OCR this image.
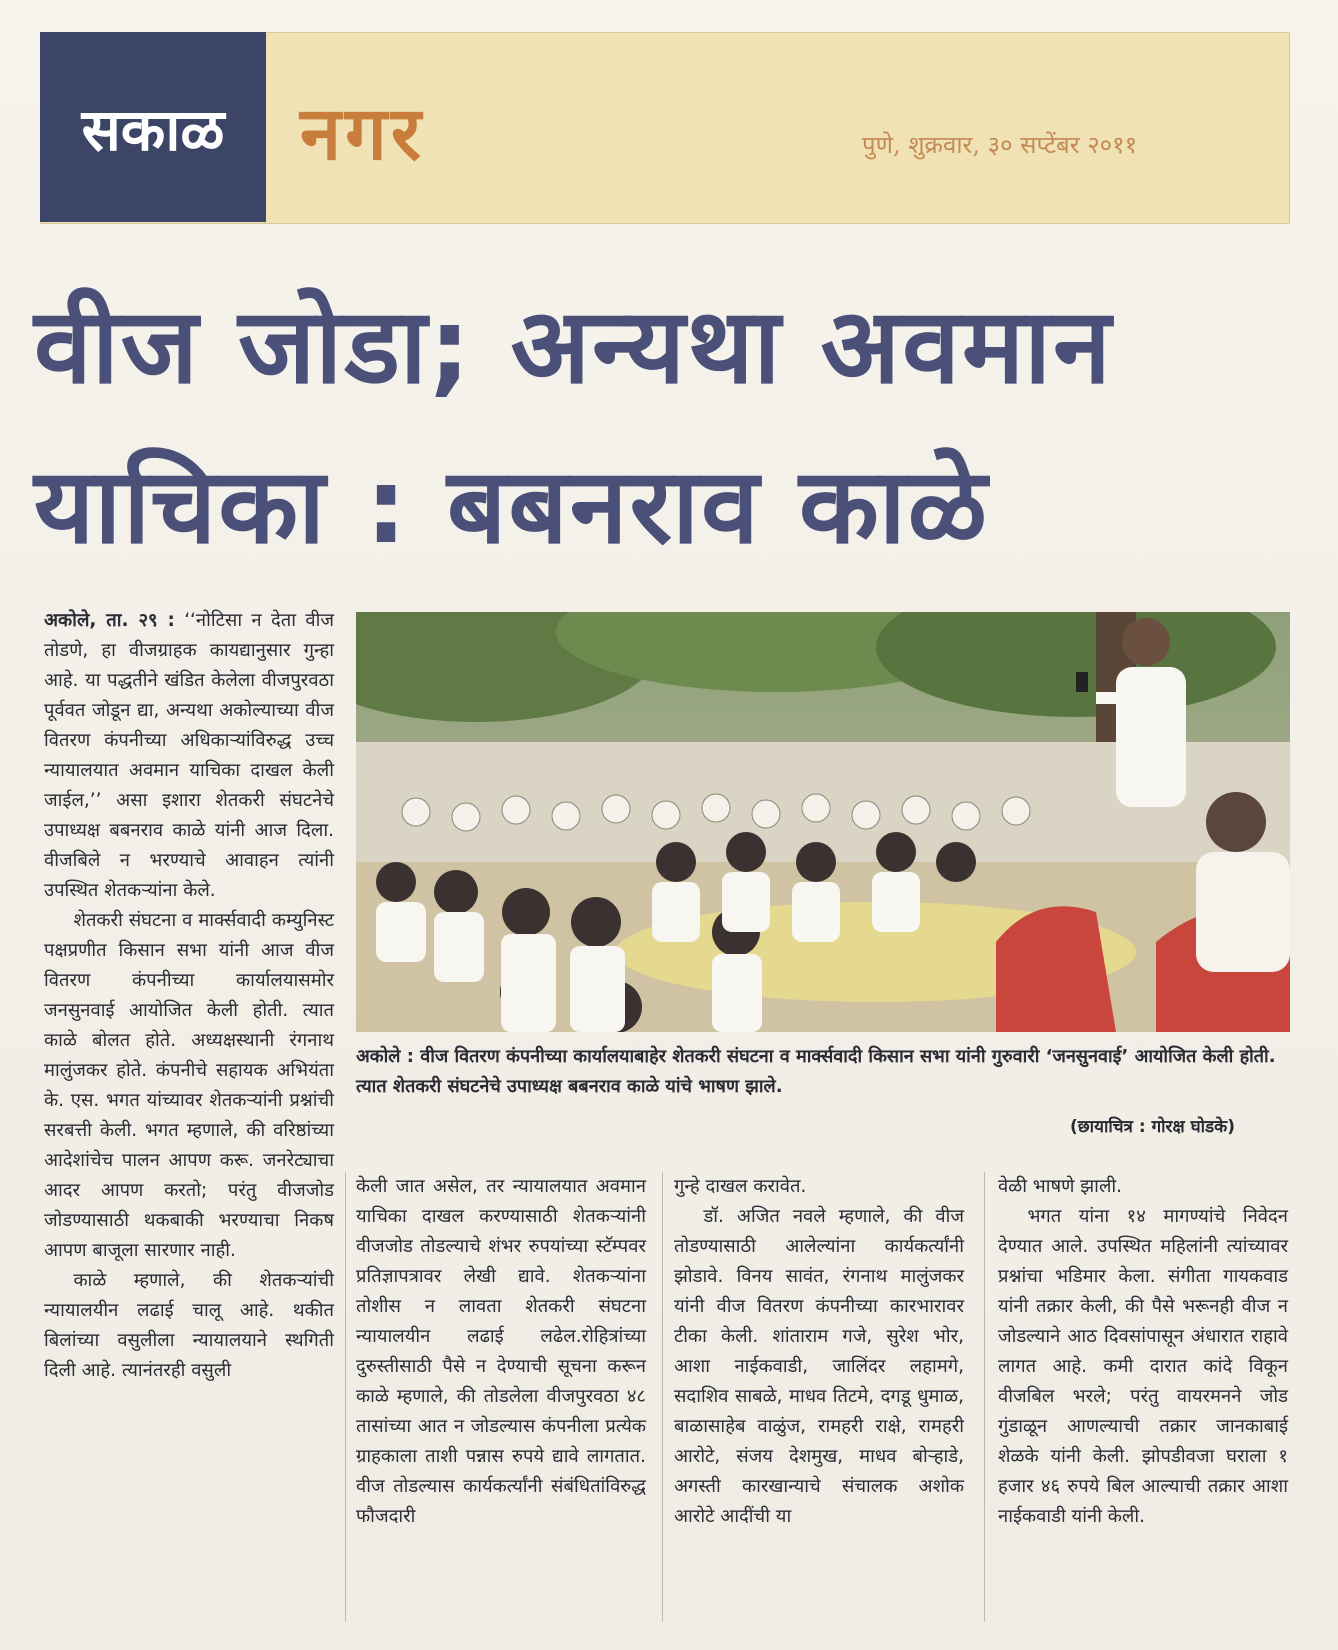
सकाळ नगर	पुणे, शुक्रवार, ३० सप्टेंबर २०११
वीज जोडा; अन्यथा अवमान
याचिका : बबनराव काळे
अकोले : वीज वितरण कंपनीच्या कार्यालयाबाहेर शेतकरी संघटना व मार्क्सवादी किसान सभा यांनी गुरुवारी ‘जनसुनवाई’ आयोजित केली होती. त्यात शेतकरी संघटनेचे उपाध्यक्ष बबनराव काळे यांचे भाषण झाले.
(छायाचित्र : गोरक्ष घोडके)

अकोले, ता. २९ : ‘‘नोटिसा न देता वीज तोडणे, हा वीजग्राहक कायद्यानुसार गुन्हा आहे. या पद्धतीने खंडित केलेला वीजपुरवठा पूर्ववत जोडून द्या, अन्यथा अकोल्याच्या वीज वितरण कंपनीच्या अधिकाऱ्यांविरुद्ध उच्च न्यायालयात अवमान याचिका दाखल केली जाईल,’’ असा इशारा शेतकरी संघटनेचे उपाध्यक्ष बबनराव काळे यांनी आज दिला. वीजबिले न भरण्याचे आवाहन त्यांनी उपस्थित शेतकऱ्यांना केले.

शेतकरी संघटना व मार्क्सवादी कम्युनिस्ट पक्षप्रणीत किसान सभा यांनी आज वीज वितरण कंपनीच्या कार्यालयासमोर जनसुनवाई आयोजित केली होती. त्यात काळे बोलत होते. अध्यक्षस्थानी रंगनाथ मालुंजकर होते. कंपनीचे सहायक अभियंता के. एस. भगत यांच्यावर शेतकऱ्यांनी प्रश्नांची सरबत्ती केली. भगत म्हणाले, की वरिष्ठांच्या आदेशांचेच पालन आपण करू. जनरेट्याचा आदर आपण करतो; परंतु वीजजोड जोडण्यासाठी थकबाकी भरण्याचा निकष आपण बाजूला सारणार नाही.

काळे म्हणाले, की शेतकऱ्यांची न्यायालयीन लढाई चालू आहे. थकीत बिलांच्या वसुलीला न्यायालयाने स्थगिती दिली आहे. त्यानंतरही वसुली

केली जात असेल, तर न्यायालयात अवमान याचिका दाखल करण्यासाठी शेतकऱ्यांनी वीजजोड तोडल्याचे शंभर रुपयांच्या स्टॅम्पवर प्रतिज्ञापत्रावर लेखी द्यावे. शेतकऱ्यांना तोशीस न लावता शेतकरी संघटना न्यायालयीन लढाई लढेल.रोहित्रांच्या दुरुस्तीसाठी पैसे न देण्याची सूचना करून काळे म्हणाले, की तोडलेला वीजपुरवठा ४८ तासांच्या आत न जोडल्यास कंपनीला प्रत्येक ग्राहकाला ताशी पन्नास रुपये द्यावे लागतात. वीज तोडल्यास कार्यकर्त्यांनी संबंधितांविरुद्ध फौजदारी

गुन्हे दाखल करावेत.

डॉ. अजित नवले म्हणाले, की वीज तोडण्यासाठी आलेल्यांना कार्यकर्त्यांनी झोडावे. विनय सावंत, रंगनाथ मालुंजकर यांनी वीज वितरण कंपनीच्या कारभारावर टीका केली. शांताराम गजे, सुरेश भोर, आशा नाईकवाडी, जालिंदर लहामगे, सदाशिव साबळे, माधव तिटमे, दगडू धुमाळ, बाळासाहेब वाळुंज, रामहरी राक्षे, रामहरी आरोटे, संजय देशमुख, माधव बोऱ्हाडे, अगस्ती कारखान्याचे संचालक अशोक आरोटे आदींची या

वेळी भाषणे झाली.

भगत यांना १४ मागण्यांचे निवेदन देण्यात आले. उपस्थित महिलांनी त्यांच्यावर प्रश्नांचा भडिमार केला. संगीता गायकवाड यांनी तक्रार केली, की पैसे भरूनही वीज न जोडल्याने आठ दिवसांपासून अंधारात राहावे लागत आहे. कमी दारात कांदे विकून वीजबिल भरले; परंतु वायरमनने जोड गुंडाळून आणल्याची तक्रार जानकाबाई शेळके यांनी केली. झोपडीवजा घराला १ हजार ४६ रुपये बिल आल्याची तक्रार आशा नाईकवाडी यांनी केली.
